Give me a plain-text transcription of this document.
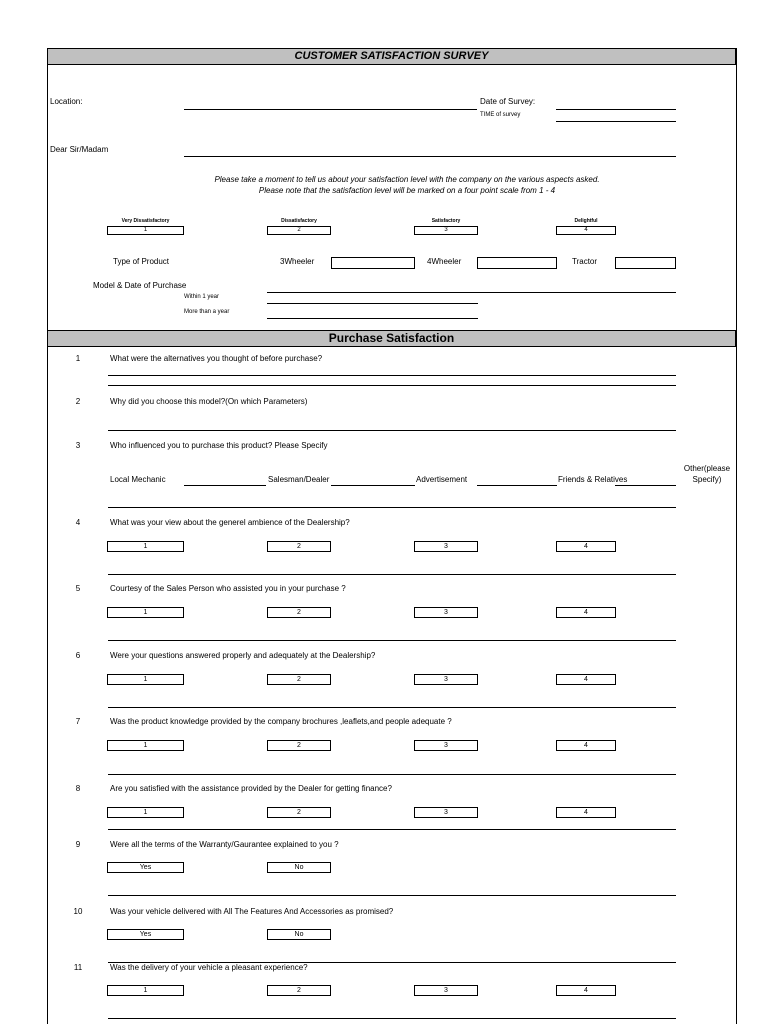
CUSTOMER SATISFACTION SURVEY
Location:	Date of Survey:
TIME of survey
Dear Sir/Madam
Please take a moment to tell us about your satisfaction level with the company on the various aspects asked.
Please note that the satisfaction level will be marked on a four point scale from 1 - 4
Very Dissatisfactory
1
Dissatisfactory
2
Satisfactory
3
Delightful
4
Type of Product	3Wheeler	4Wheeler	Tractor
Model & Date of Purchase
Within 1 year
More than a year
Purchase Satisfaction
1	What were the alternatives you thought of before purchase?
2	Why did you choose this model?(On which Parameters)
3	Who influenced you to purchase this product? Please Specify
Local Mechanic	Salesman/Dealer	Advertisement	Friends & Relatives
Other(please
Specify)
4	What was your view about the generel ambience of the Dealership?
1	2	3	4
5	Courtesy of the Sales Person who assisted you in your purchase ?
1	2	3	4
6	Were your questions answered properly and adequately at the Dealership?
1	2	3	4
7	Was the product knowledge provided by the company brochures ,leaflets,and people adequate ?
1	2	3	4
8	Are you satisfied with the assistance provided by the Dealer for getting finance?
1	2	3	4
9	Were all the terms of the Warranty/Gaurantee explained to you ?
Yes	No
10	Was your vehicle delivered with All The Features And Accessories as promised?
Yes	No
11	Was the delivery of your vehicle a pleasant experience?
1	2	3	4
